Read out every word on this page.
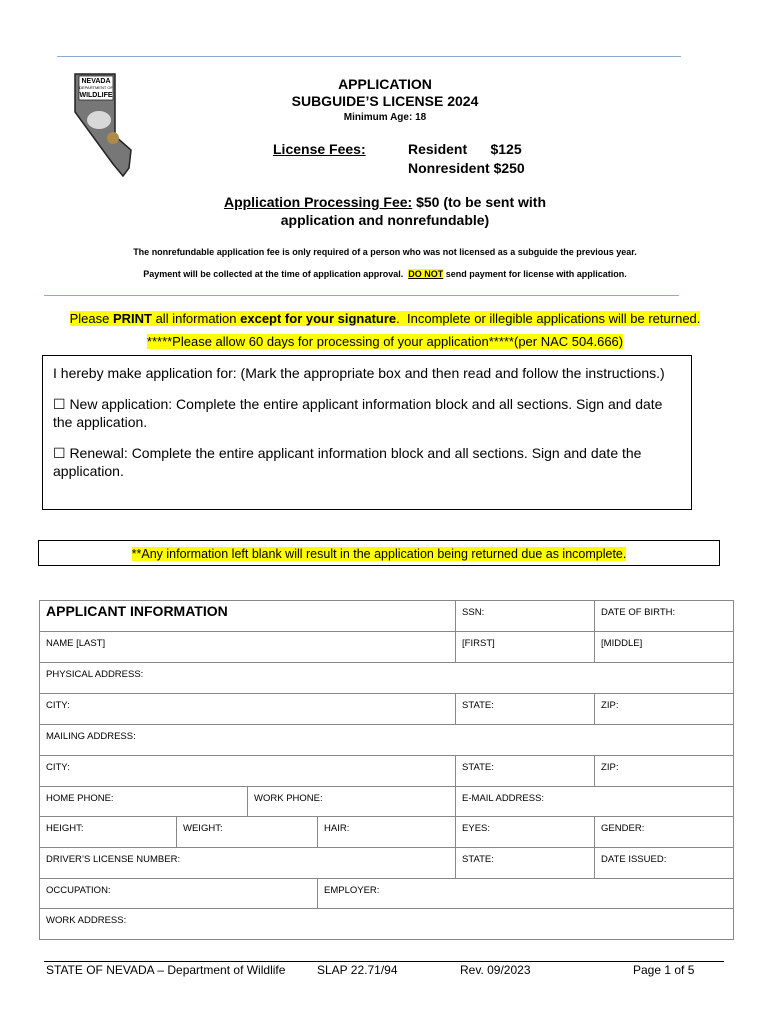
NEVADA
DEPARTMENT OF
WILDLIFE
APPLICATION
SUBGUIDE’S LICENSE 2024
Minimum Age: 18
License Fees:	Resident      $125
Nonresident $250
Application Processing Fee: $50 (to be sent with
application and nonrefundable)
The nonrefundable application fee is only required of a person who was not licensed as a subguide the previous year.
Payment will be collected at the time of application approval.  DO NOT send payment for license with application.
Please PRINT all information except for your signature.  Incomplete or illegible applications will be returned.
*****Please allow 60 days for processing of your application*****(per NAC 504.666)

I hereby make application for: (Mark the appropriate box and then read and follow the instructions.)

☐ New application: Complete the entire applicant information block and all sections. Sign and date the application.

☐ Renewal: Complete the entire applicant information block and all sections. Sign and date the application.

**Any information left blank will result in the application being returned due as incomplete.
APPLICANT INFORMATION				SSN:	DATE OF BIRTH:
NAME [LAST]				[FIRST]	[MIDDLE]
PHYSICAL ADDRESS:					
CITY:				STATE:	ZIP:
MAILING ADDRESS:					
CITY:				STATE:	ZIP:
HOME PHONE:		WORK PHONE:		E-MAIL ADDRESS:	
HEIGHT:	WEIGHT:		HAIR:	EYES:	GENDER:
DRIVER’S LICENSE NUMBER:				STATE:	DATE ISSUED:
OCCUPATION:			EMPLOYER:		
WORK ADDRESS:					
STATE OF NEVADA – Department of Wildlife	SLAP 22.71/94	Rev. 09/2023	Page 1 of 5
